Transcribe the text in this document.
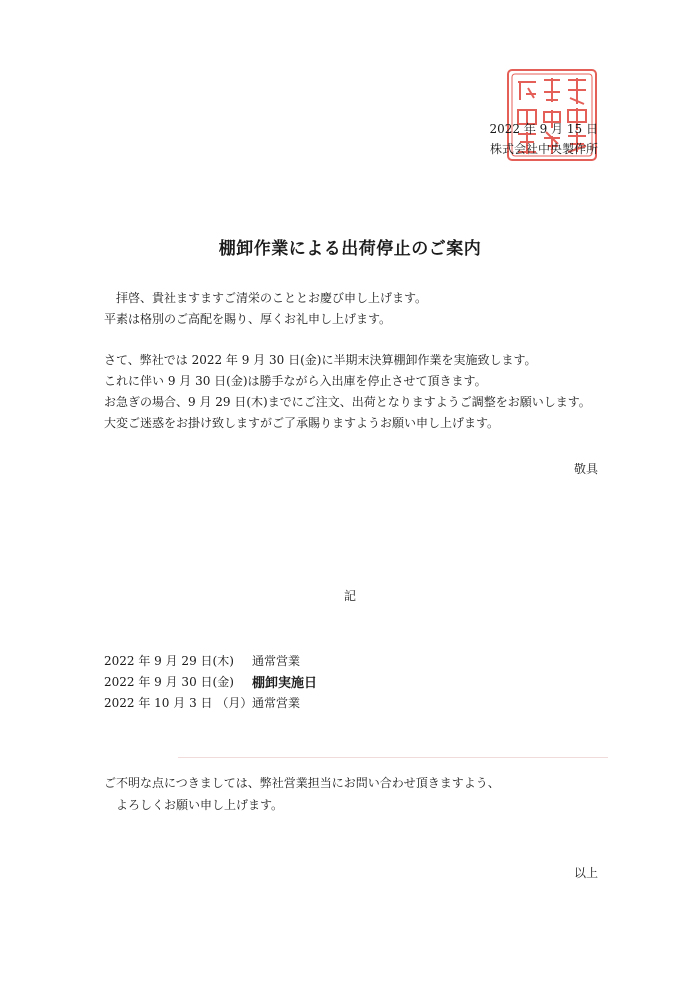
2022 年 9 月 15 日
株式会社中央製作所
棚卸作業による出荷停止のご案内
拝啓、貴社ますますご清栄のこととお慶び申し上げます。
平素は格別のご高配を賜り、厚くお礼申し上げます。
さて、弊社では 2022 年 9 月 30 日(金)に半期末決算棚卸作業を実施致します。
これに伴い 9 月 30 日(金)は勝手ながら入出庫を停止させて頂きます。
お急ぎの場合、9 月 29 日(木)までにご注文、出荷となりますようご調整をお願いします。
大変ご迷惑をお掛け致しますがご了承賜りますようお願い申し上げます。
敬具
記
2022 年 9 月 29 日(木)	通常営業
2022 年 9 月 30 日(金)	棚卸実施日
2022 年 10 月 3 日 （月） 通常営業
ご不明な点につきましては、弊社営業担当にお問い合わせ頂きますよう、
よろしくお願い申し上げます。
以上
